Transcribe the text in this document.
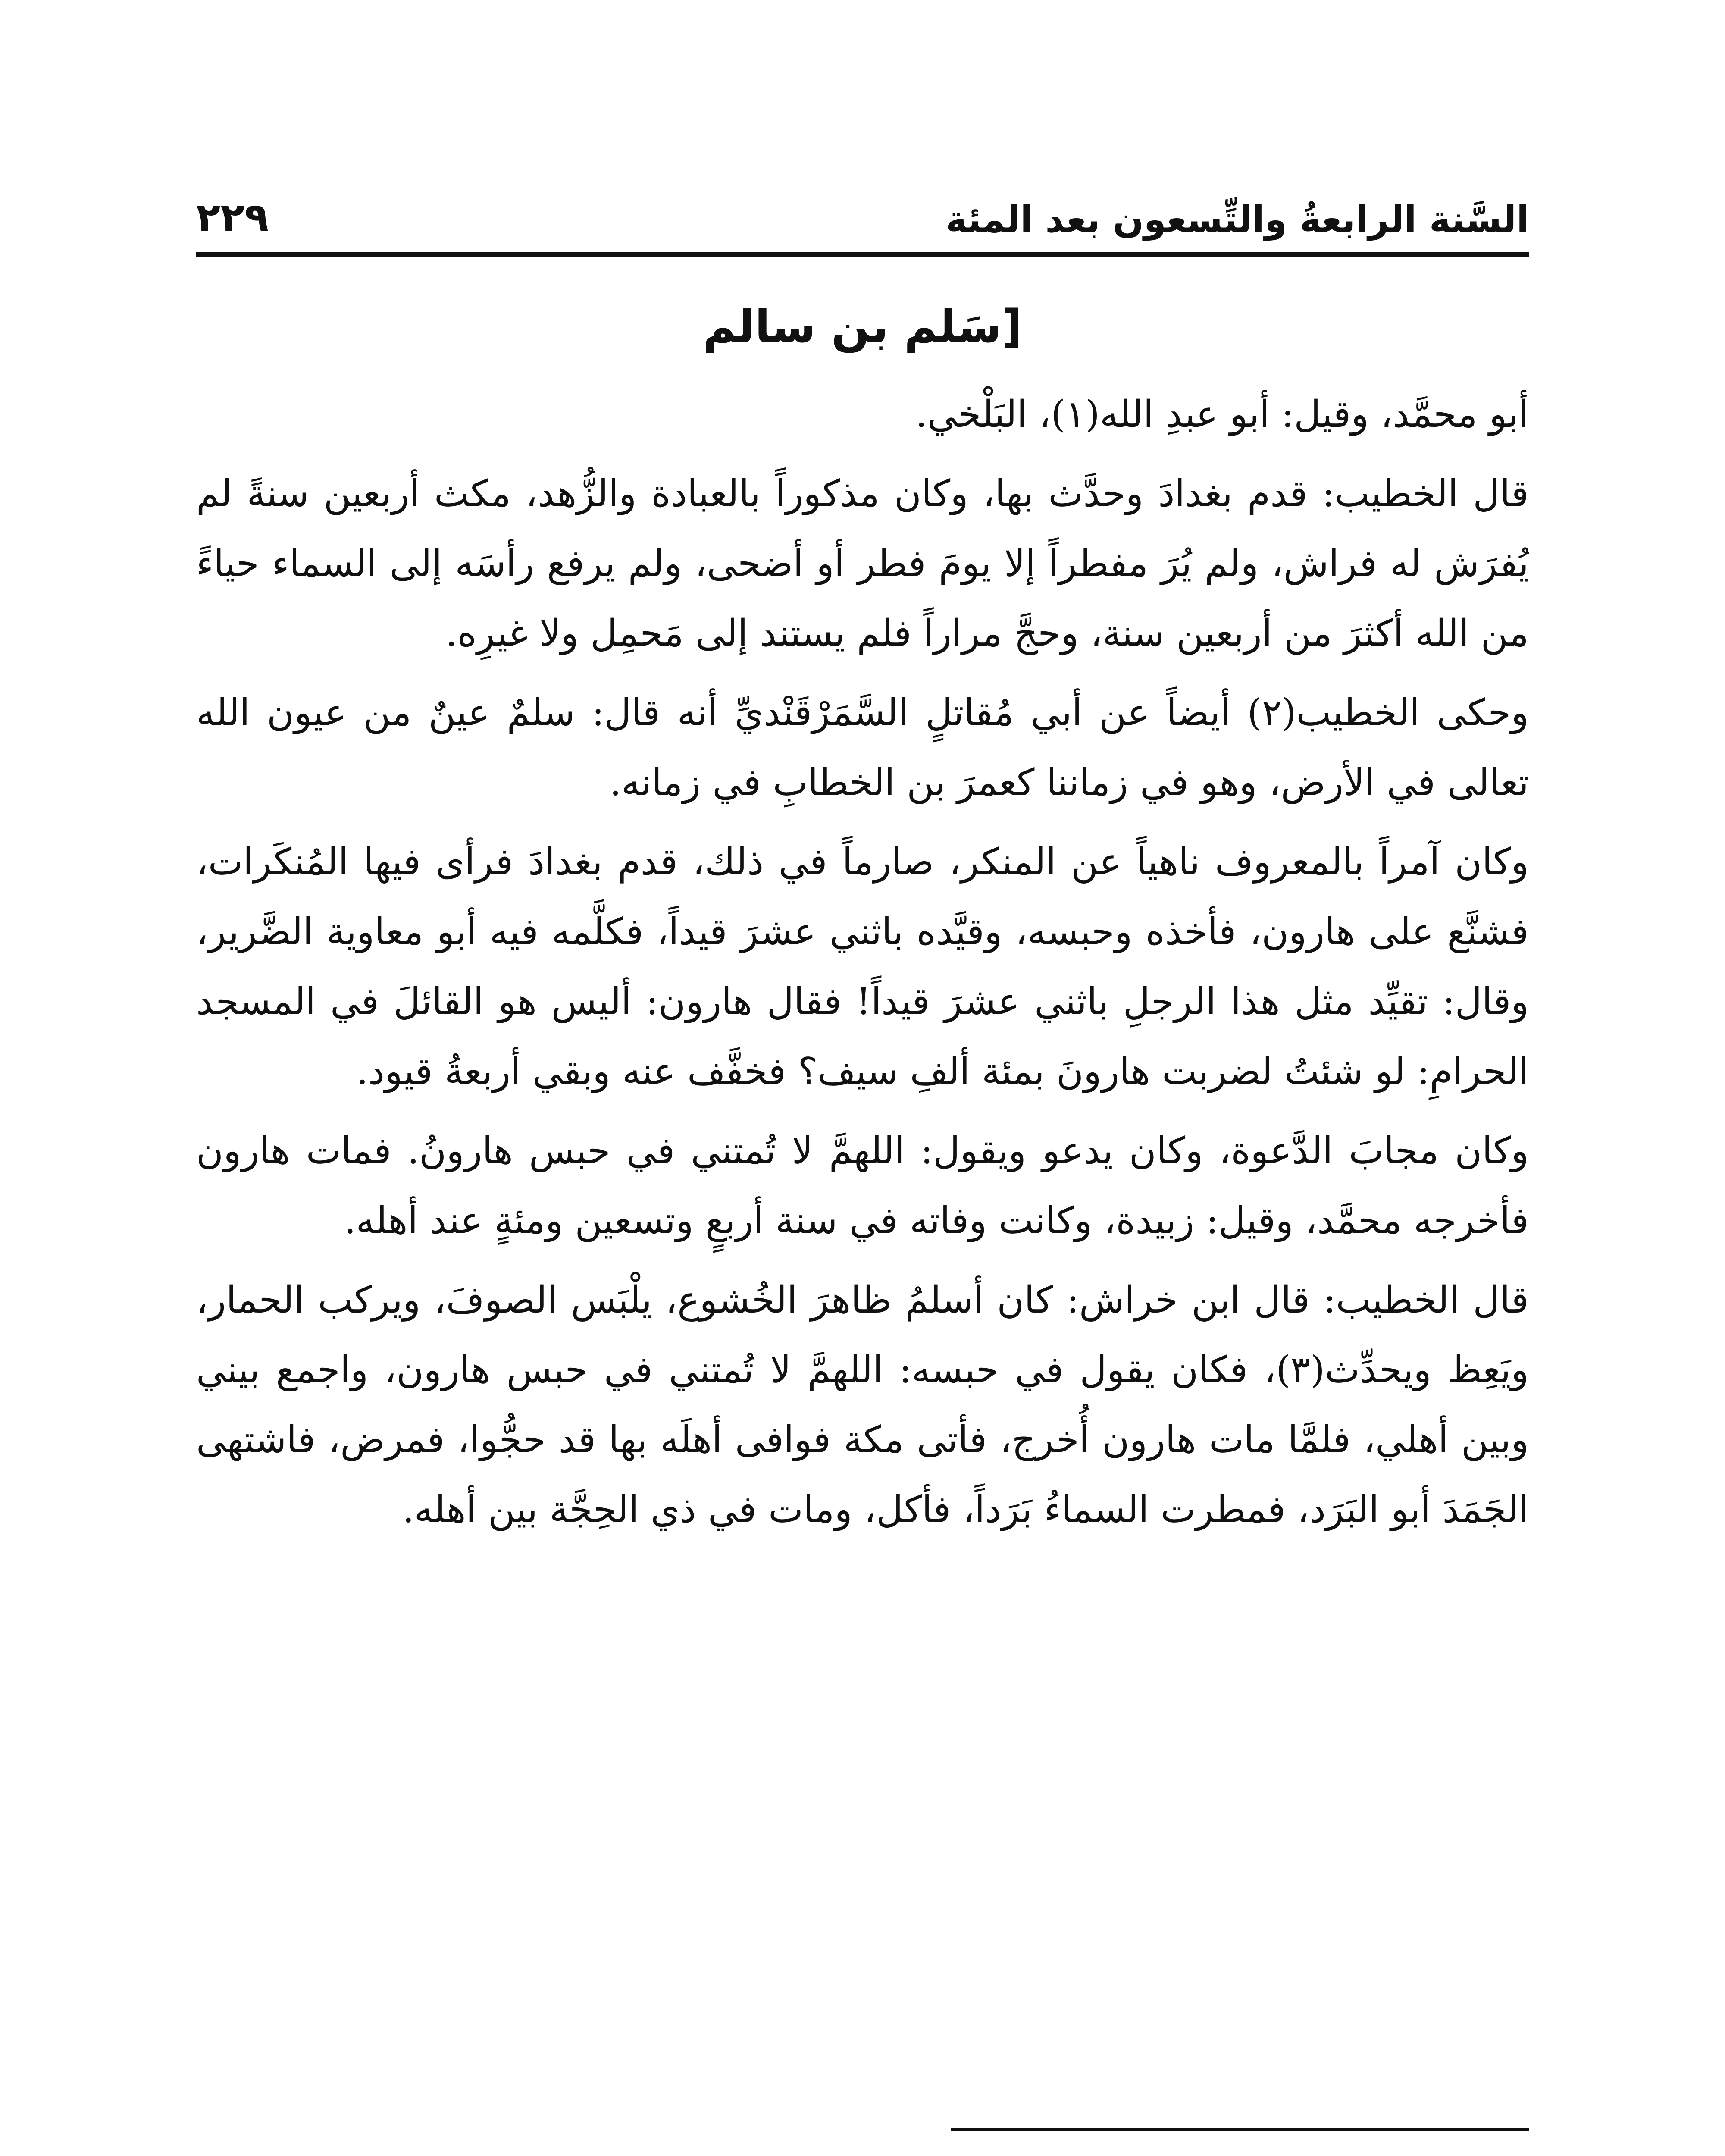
السَّنة الرابعةُ والتِّسعون بعد المئة
٢٢٩
[سَلم بن سالم

أبو محمَّد، وقيل: أبو عبدِ الله(١)، البَلْخي.

قال الخطيب: قدم بغدادَ وحدَّث بها، وكان مذكوراً بالعبادة والزُّهد، مكث أربعين سنةً لم يُفرَش له فراش، ولم يُرَ مفطراً إلا يومَ فطر أو أضحى، ولم يرفع رأسَه إلى السماء حياءً من الله أكثرَ من أربعين سنة، وحجَّ مراراً فلم يستند إلى مَحمِل ولا غيرِه.

وحكى الخطيب(٢) أيضاً عن أبي مُقاتلٍ السَّمَرْقَنْديِّ أنه قال: سلمٌ عينٌ من عيون الله تعالى في الأرض، وهو في زماننا كعمرَ بن الخطابِ في زمانه.

وكان آمراً بالمعروف ناهياً عن المنكر، صارماً في ذلك، قدم بغدادَ فرأى فيها المُنكَرات، فشنَّع على هارون، فأخذه وحبسه، وقيَّده باثني عشرَ قيداً، فكلَّمه فيه أبو معاوية الضَّرير، وقال: تقيِّد مثل هذا الرجلِ باثني عشرَ قيداً! فقال هارون: أليس هو القائلَ في المسجد الحرامِ: لو شئتُ لضربت هارونَ بمئة ألفِ سيف؟ فخفَّف عنه وبقي أربعةُ قيود.

وكان مجابَ الدَّعوة، وكان يدعو ويقول: اللهمَّ لا تُمتني في حبس هارونُ. فمات هارون فأخرجه محمَّد، وقيل: زبيدة، وكانت وفاته في سنة أربعٍ وتسعين ومئةٍ عند أهله.

قال الخطيب: قال ابن خراش: كان أسلمُ ظاهرَ الخُشوع، يلْبَس الصوفَ، ويركب الحمار، ويَعِظ ويحدِّث(٣)، فكان يقول في حبسه: اللهمَّ لا تُمتني في حبس هارون، واجمع بيني وبين أهلي، فلمَّا مات هارون أُخرج، فأتى مكة فوافى أهلَه بها قد حجُّوا، فمرض، فاشتهى الجَمَدَ أبو البَرَد، فمطرت السماءُ بَرَداً، فأكل، ومات في ذي الحِجَّة بين أهله.
